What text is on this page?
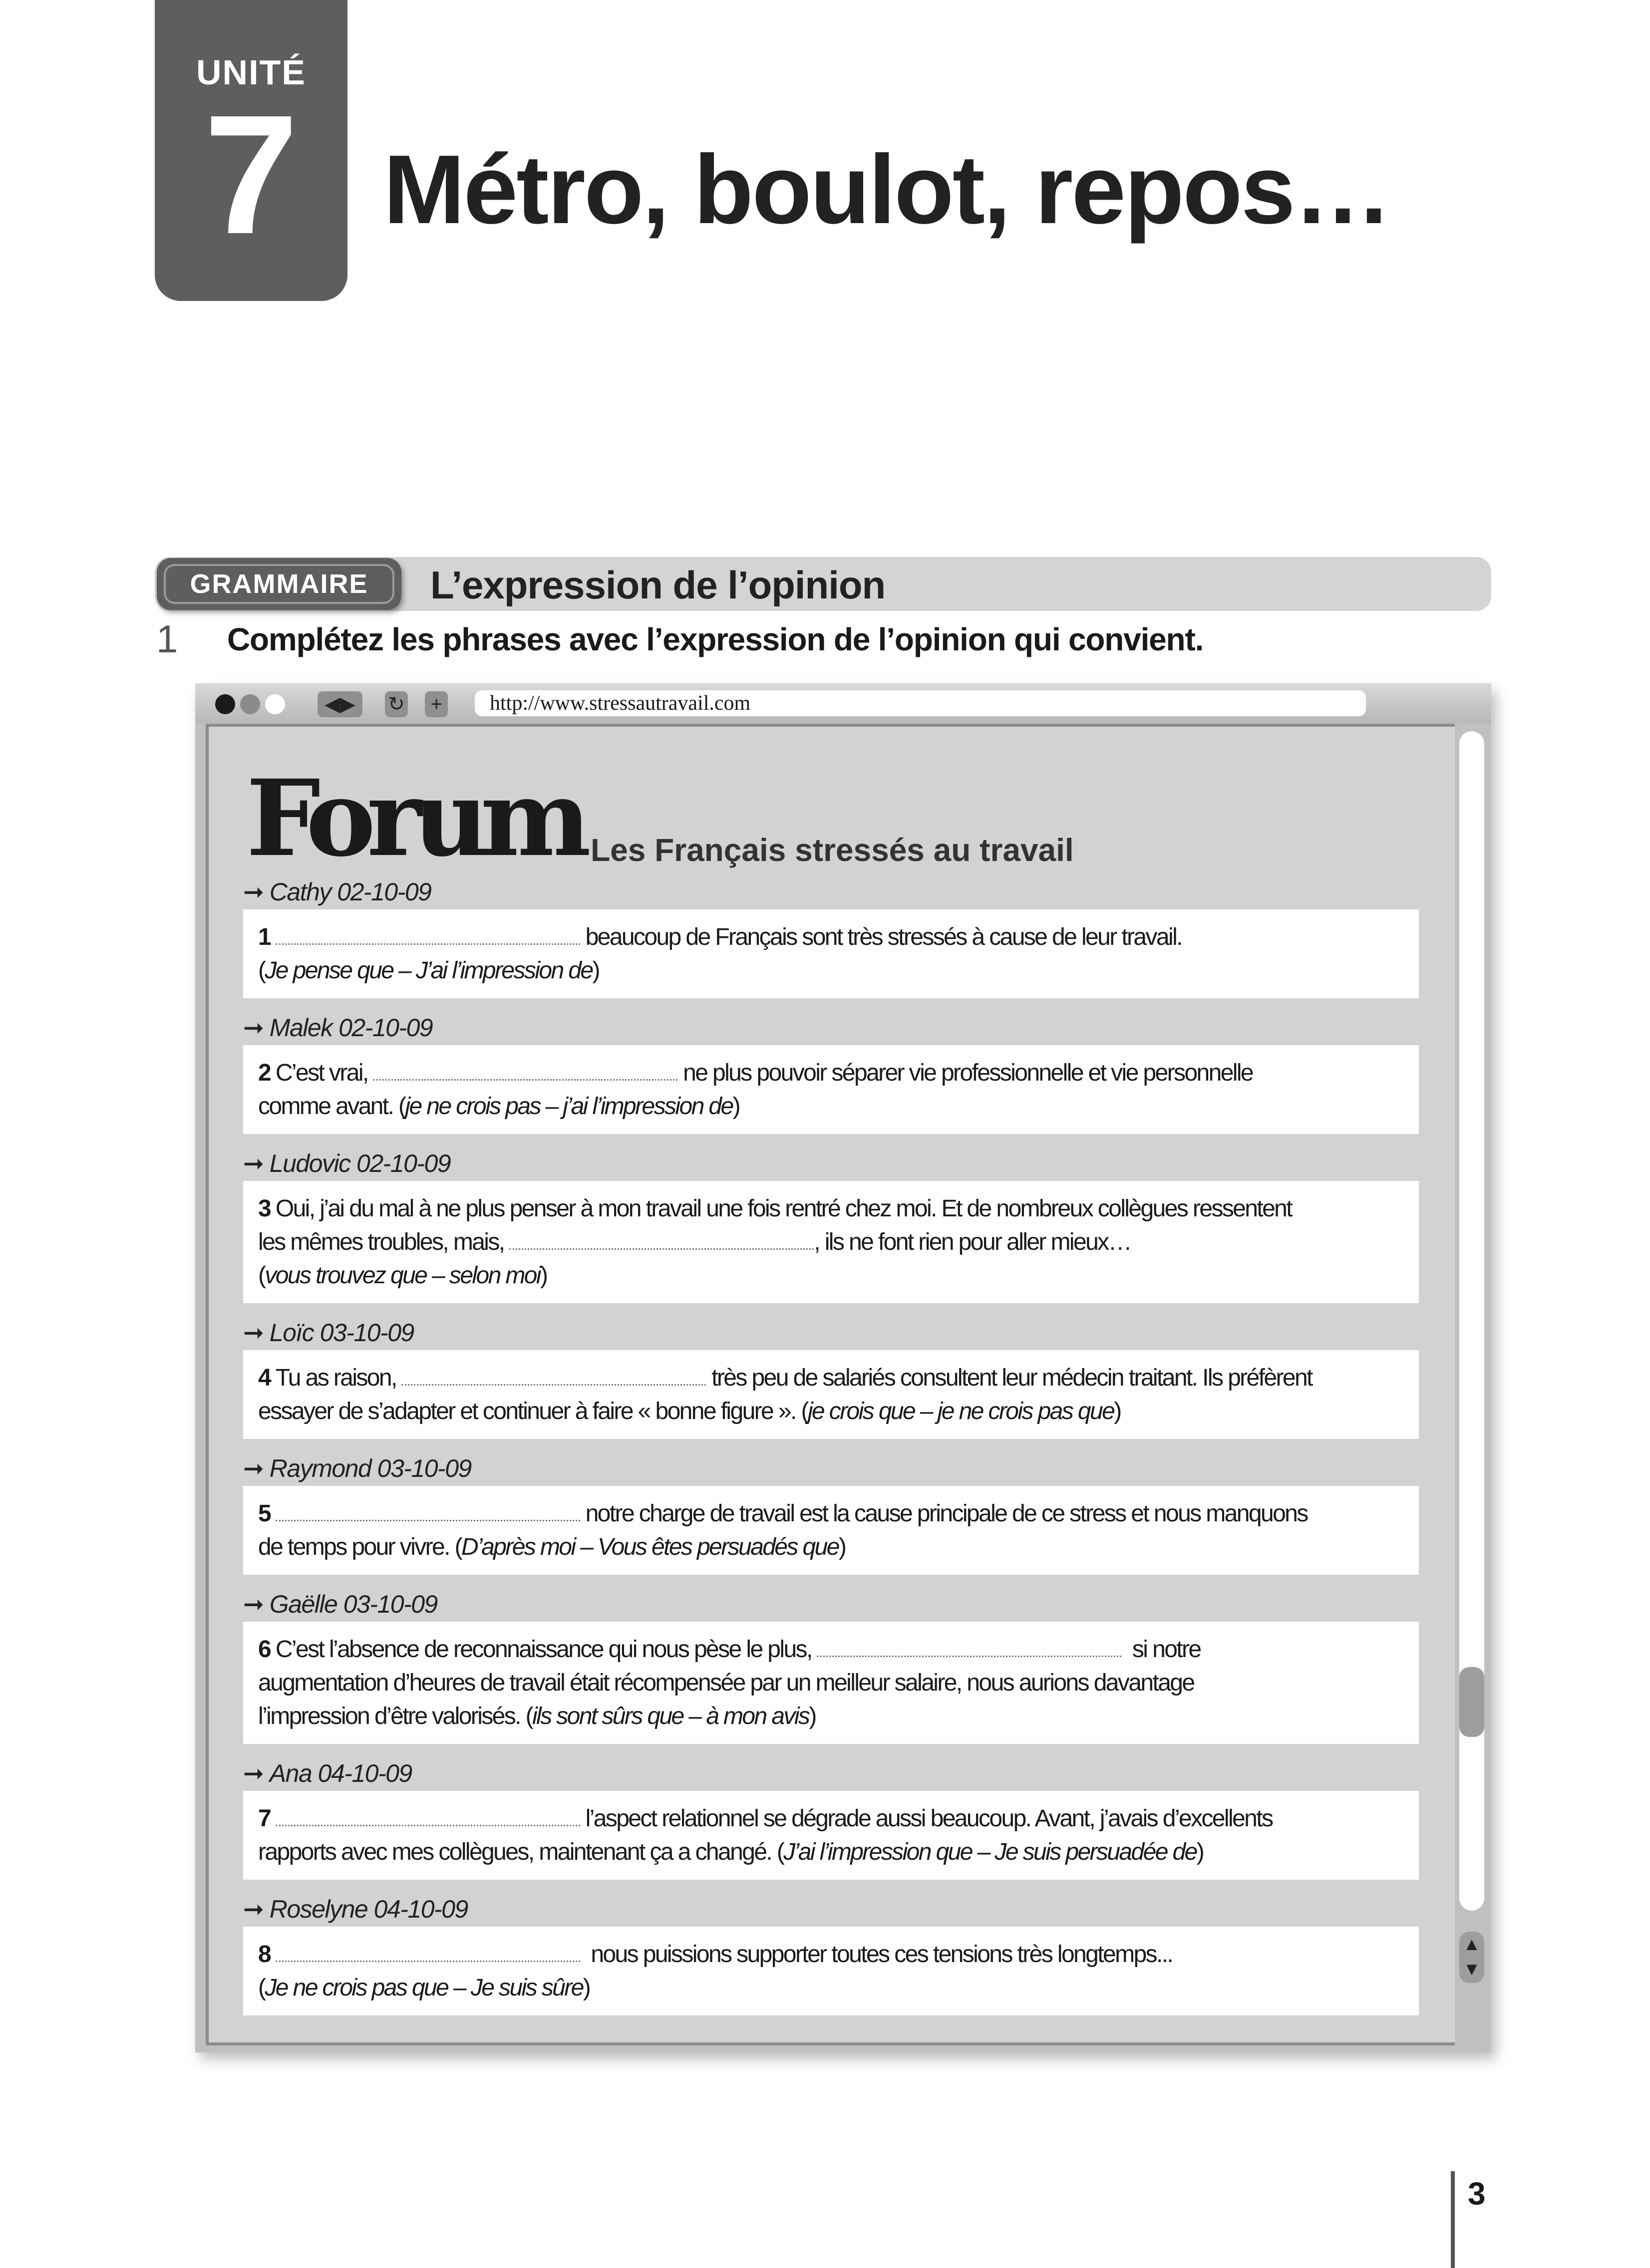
UNITÉ
7 Métro, boulot, repos…
GRAMMAIRE	L’expression de l’opinion
1 Complétez les phrases avec l’expression de l’opinion qui convient.
◀▶	↻ +	http://www.stressautravail.com
▲
▼
Forum Les Français stressés au travail
➞ Cathy 02-10-09
1	beaucoup de Français sont très stressés à cause de leur travail.
(Je pense que – J’ai l’impression de)
➞ Malek 02-10-09
2 C’est vrai,	ne plus pouvoir séparer vie professionnelle et vie personnelle
comme avant. (je ne crois pas – j’ai l’impression de)
➞ Ludovic 02-10-09
3 Oui, j’ai du mal à ne plus penser à mon travail une fois rentré chez moi. Et de nombreux collègues ressentent
les mêmes troubles, mais,	, ils ne font rien pour aller mieux…
(vous trouvez que – selon moi)
➞ Loïc 03-10-09
4 Tu as raison,	très peu de salariés consultent leur médecin traitant. Ils préfèrent
essayer de s’adapter et continuer à faire « bonne figure ». (je crois que – je ne crois pas que)
➞ Raymond 03-10-09
5	notre charge de travail est la cause principale de ce stress et nous manquons
de temps pour vivre. (D’après moi – Vous êtes persuadés que)
➞ Gaëlle 03-10-09
6 C’est l’absence de reconnaissance qui nous pèse le plus,	si notre
augmentation d’heures de travail était récompensée par un meilleur salaire, nous aurions davantage
l’impression d’être valorisés. (ils sont sûrs que – à mon avis)
➞ Ana 04-10-09
7	l’aspect relationnel se dégrade aussi beaucoup. Avant, j’avais d’excellents
rapports avec mes collègues, maintenant ça a changé. (J’ai l’impression que – Je suis persuadée de)
➞ Roselyne 04-10-09
8	nous puissions supporter toutes ces tensions très longtemps...
(Je ne crois pas que – Je suis sûre)
3
